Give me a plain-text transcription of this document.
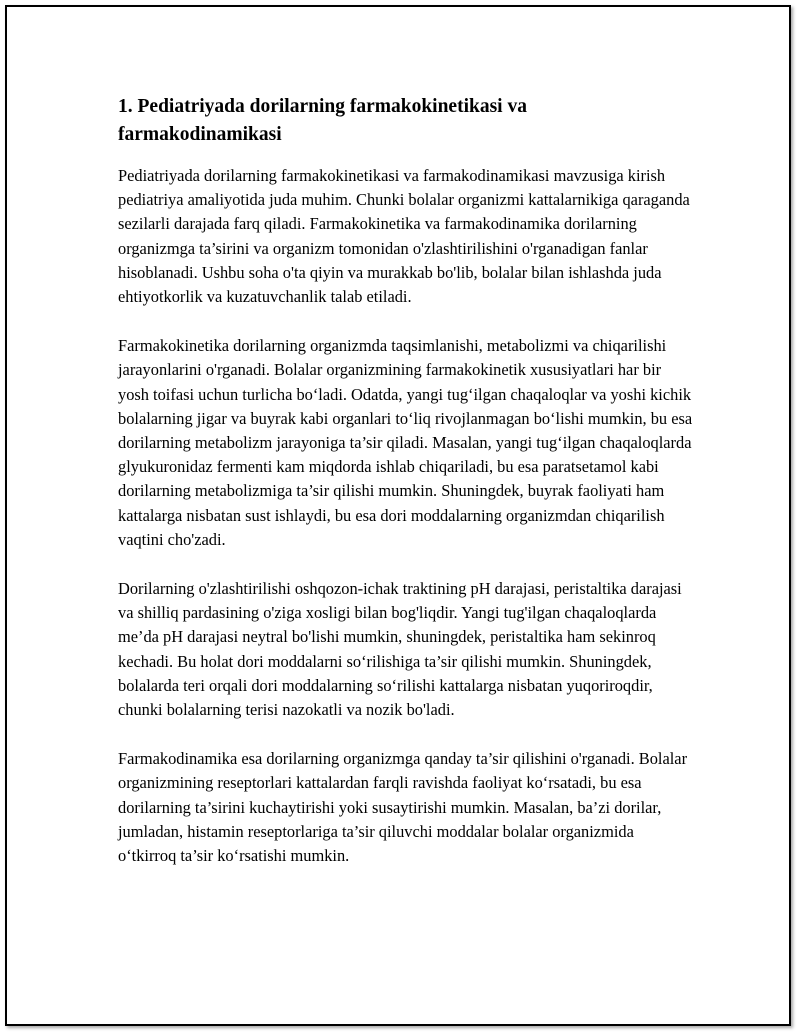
1. Pediatriyada dorilarning farmakokinetikasi va farmakodinamikasi

Pediatriyada dorilarning farmakokinetikasi va farmakodinamikasi mavzusiga kirish pediatriya amaliyotida juda muhim. Chunki bolalar organizmi kattalarnikiga qaraganda sezilarli darajada farq qiladi. Farmakokinetika va farmakodinamika dorilarning organizmga ta’sirini va organizm tomonidan o'zlashtirilishini o'rganadigan fanlar hisoblanadi. Ushbu soha o'ta qiyin va murakkab bo'lib, bolalar bilan ishlashda juda ehtiyotkorlik va kuzatuvchanlik talab etiladi.

Farmakokinetika dorilarning organizmda taqsimlanishi, metabolizmi va chiqarilishi jarayonlarini o'rganadi. Bolalar organizmining farmakokinetik xususiyatlari har bir yosh toifasi uchun turlicha bo‘ladi. Odatda, yangi tug‘ilgan chaqaloqlar va yoshi kichik bolalarning jigar va buyrak kabi organlari to‘liq rivojlanmagan bo‘lishi mumkin, bu esa dorilarning metabolizm jarayoniga ta’sir qiladi. Masalan, yangi tug‘ilgan chaqaloqlarda glyukuronidaz fermenti kam miqdorda ishlab chiqariladi, bu esa paratsetamol kabi dorilarning metabolizmiga ta’sir qilishi mumkin. Shuningdek, buyrak faoliyati ham kattalarga nisbatan sust ishlaydi, bu esa dori moddalarning organizmdan chiqarilish vaqtini cho'zadi.

Dorilarning o'zlashtirilishi oshqozon-ichak traktining pH darajasi, peristaltika darajasi va shilliq pardasining o'ziga xosligi bilan bog'liqdir. Yangi tug'ilgan chaqaloqlarda me’da pH darajasi neytral bo'lishi mumkin, shuningdek, peristaltika ham sekinroq kechadi. Bu holat dori moddalarni so‘rilishiga ta’sir qilishi mumkin. Shuningdek, bolalarda teri orqali dori moddalarning so‘rilishi kattalarga nisbatan yuqoriroqdir, chunki bolalarning terisi nazokatli va nozik bo'ladi.

Farmakodinamika esa dorilarning organizmga qanday ta’sir qilishini o'rganadi. Bolalar organizmining reseptorlari kattalardan farqli ravishda faoliyat ko‘rsatadi, bu esa dorilarning ta’sirini kuchaytirishi yoki susaytirishi mumkin. Masalan, ba’zi dorilar, jumladan, histamin reseptorlariga ta’sir qiluvchi moddalar bolalar organizmida o‘tkirroq ta’sir ko‘rsatishi mumkin.
